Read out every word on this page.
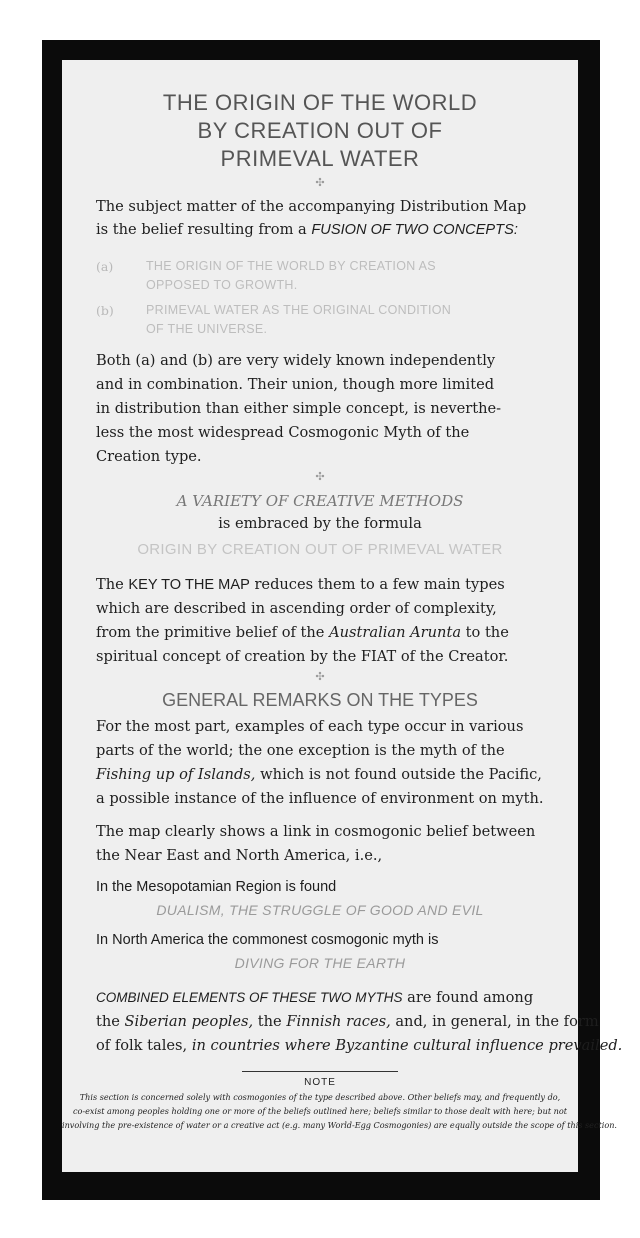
THE ORIGIN OF THE WORLD
BY CREATION OUT OF
PRIMEVAL WATER
✣
The subject matter of the accompanying Distribution Map
is the belief resulting from a FUSION OF TWO CONCEPTS:
(a)	THE ORIGIN OF THE WORLD BY CREATION AS
OPPOSED TO GROWTH.
(b)	PRIMEVAL WATER AS THE ORIGINAL CONDITION
OF THE UNIVERSE.
Both (a) and (b) are very widely known independently
and in combination. Their union, though more limited
in distribution than either simple concept, is neverthe-
less the most widespread Cosmogonic Myth of the
Creation type.
✣
A VARIETY OF CREATIVE METHODS
is embraced by the formula
ORIGIN BY CREATION OUT OF PRIMEVAL WATER
The KEY TO THE MAP reduces them to a few main types
which are described in ascending order of complexity,
from the primitive belief of the Australian Arunta to the
spiritual concept of creation by the FIAT of the Creator.
✣
GENERAL REMARKS ON THE TYPES
For the most part, examples of each type occur in various
parts of the world; the one exception is the myth of the
Fishing up of Islands, which is not found outside the Pacific,
a possible instance of the influence of environment on myth.
The map clearly shows a link in cosmogonic belief between
the Near East and North America, i.e.,
In the Mesopotamian Region is found
DUALISM, THE STRUGGLE OF GOOD AND EVIL
In North America the commonest cosmogonic myth is
DIVING FOR THE EARTH
COMBINED ELEMENTS OF THESE TWO MYTHS are found among
the Siberian peoples, the Finnish races, and, in general, in the form
of folk tales, in countries where Byzantine cultural influence prevailed.
NOTE
This section is concerned solely with cosmogonies of the type described above. Other beliefs may, and frequently do,
co-exist among peoples holding one or more of the beliefs outlined here; beliefs similar to those dealt with here; but not
involving the pre-existence of water or a creative act (e.g. many World-Egg Cosmogonies) are equally outside the scope of this section.
